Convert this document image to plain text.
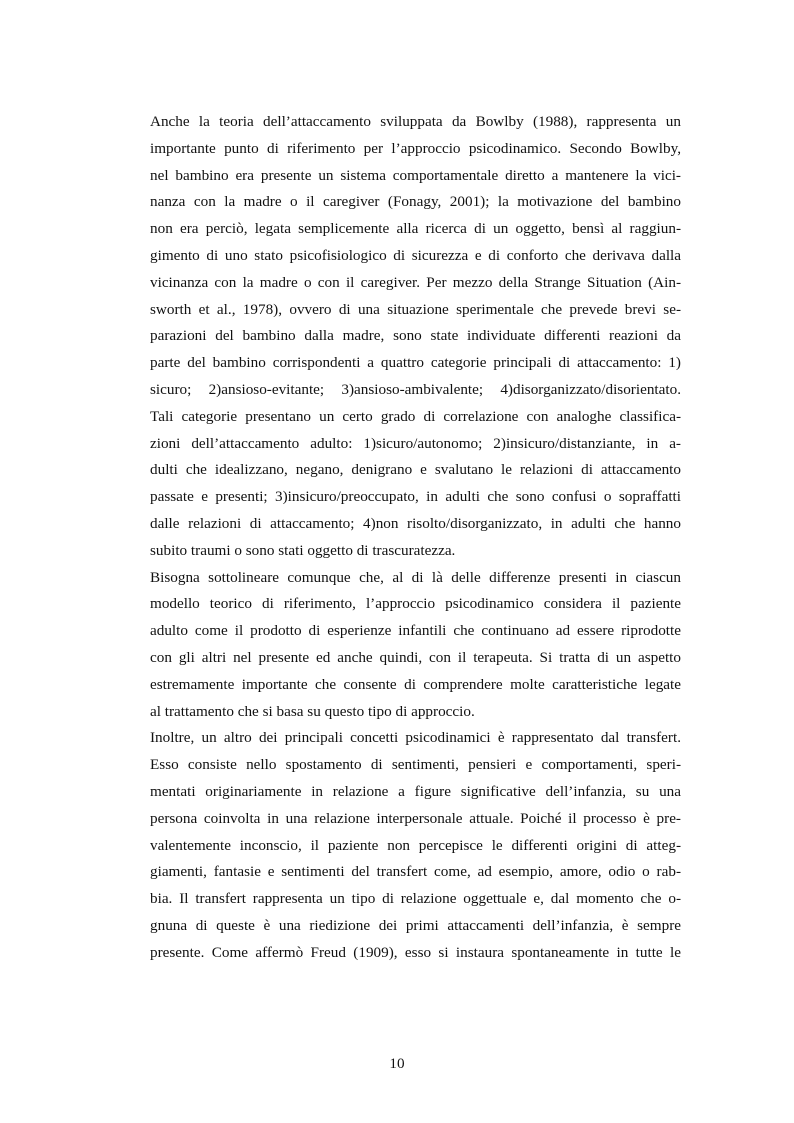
Anche la teoria dell’attaccamento sviluppata da Bowlby (1988), rappresenta un
importante punto di riferimento per l’approccio psicodinamico. Secondo Bowlby,
nel bambino era presente un sistema comportamentale diretto a mantenere la vici-
nanza con la madre o il caregiver (Fonagy, 2001); la motivazione del bambino
non era perciò, legata semplicemente alla ricerca di un oggetto, bensì al raggiun-
gimento di uno stato psicofisiologico di sicurezza e di conforto che derivava dalla
vicinanza con la madre o con il caregiver. Per mezzo della Strange Situation (Ain-
sworth et al., 1978), ovvero di una situazione sperimentale che prevede brevi se-
parazioni del bambino dalla madre, sono state individuate differenti reazioni da
parte del bambino corrispondenti a quattro categorie principali di attaccamento: 1)
sicuro; 2)ansioso-evitante; 3)ansioso-ambivalente; 4)disorganizzato/disorientato.
Tali categorie presentano un certo grado di correlazione con analoghe classifica-
zioni dell’attaccamento adulto: 1)sicuro/autonomo; 2)insicuro/distanziante, in a-
dulti che idealizzano, negano, denigrano e svalutano le relazioni di attaccamento
passate e presenti; 3)insicuro/preoccupato, in adulti che sono confusi o sopraffatti
dalle relazioni di attaccamento; 4)non risolto/disorganizzato, in adulti che hanno
subito traumi o sono stati oggetto di trascuratezza.
Bisogna sottolineare comunque che, al di là delle differenze presenti in ciascun
modello teorico di riferimento, l’approccio psicodinamico considera il paziente
adulto come il prodotto di esperienze infantili che continuano ad essere riprodotte
con gli altri nel presente ed anche quindi, con il terapeuta. Si tratta di un aspetto
estremamente importante che consente di comprendere molte caratteristiche legate
al trattamento che si basa su questo tipo di approccio.
Inoltre, un altro dei principali concetti psicodinamici è rappresentato dal transfert.
Esso consiste nello spostamento di sentimenti, pensieri e comportamenti, speri-
mentati originariamente in relazione a figure significative dell’infanzia, su una
persona coinvolta in una relazione interpersonale attuale. Poiché il processo è pre-
valentemente inconscio, il paziente non percepisce le differenti origini di atteg-
giamenti, fantasie e sentimenti del transfert come, ad esempio, amore, odio o rab-
bia. Il transfert rappresenta un tipo di relazione oggettuale e, dal momento che o-
gnuna di queste è una riedizione dei primi attaccamenti dell’infanzia, è sempre
presente. Come affermò Freud (1909), esso si instaura spontaneamente in tutte le
10
